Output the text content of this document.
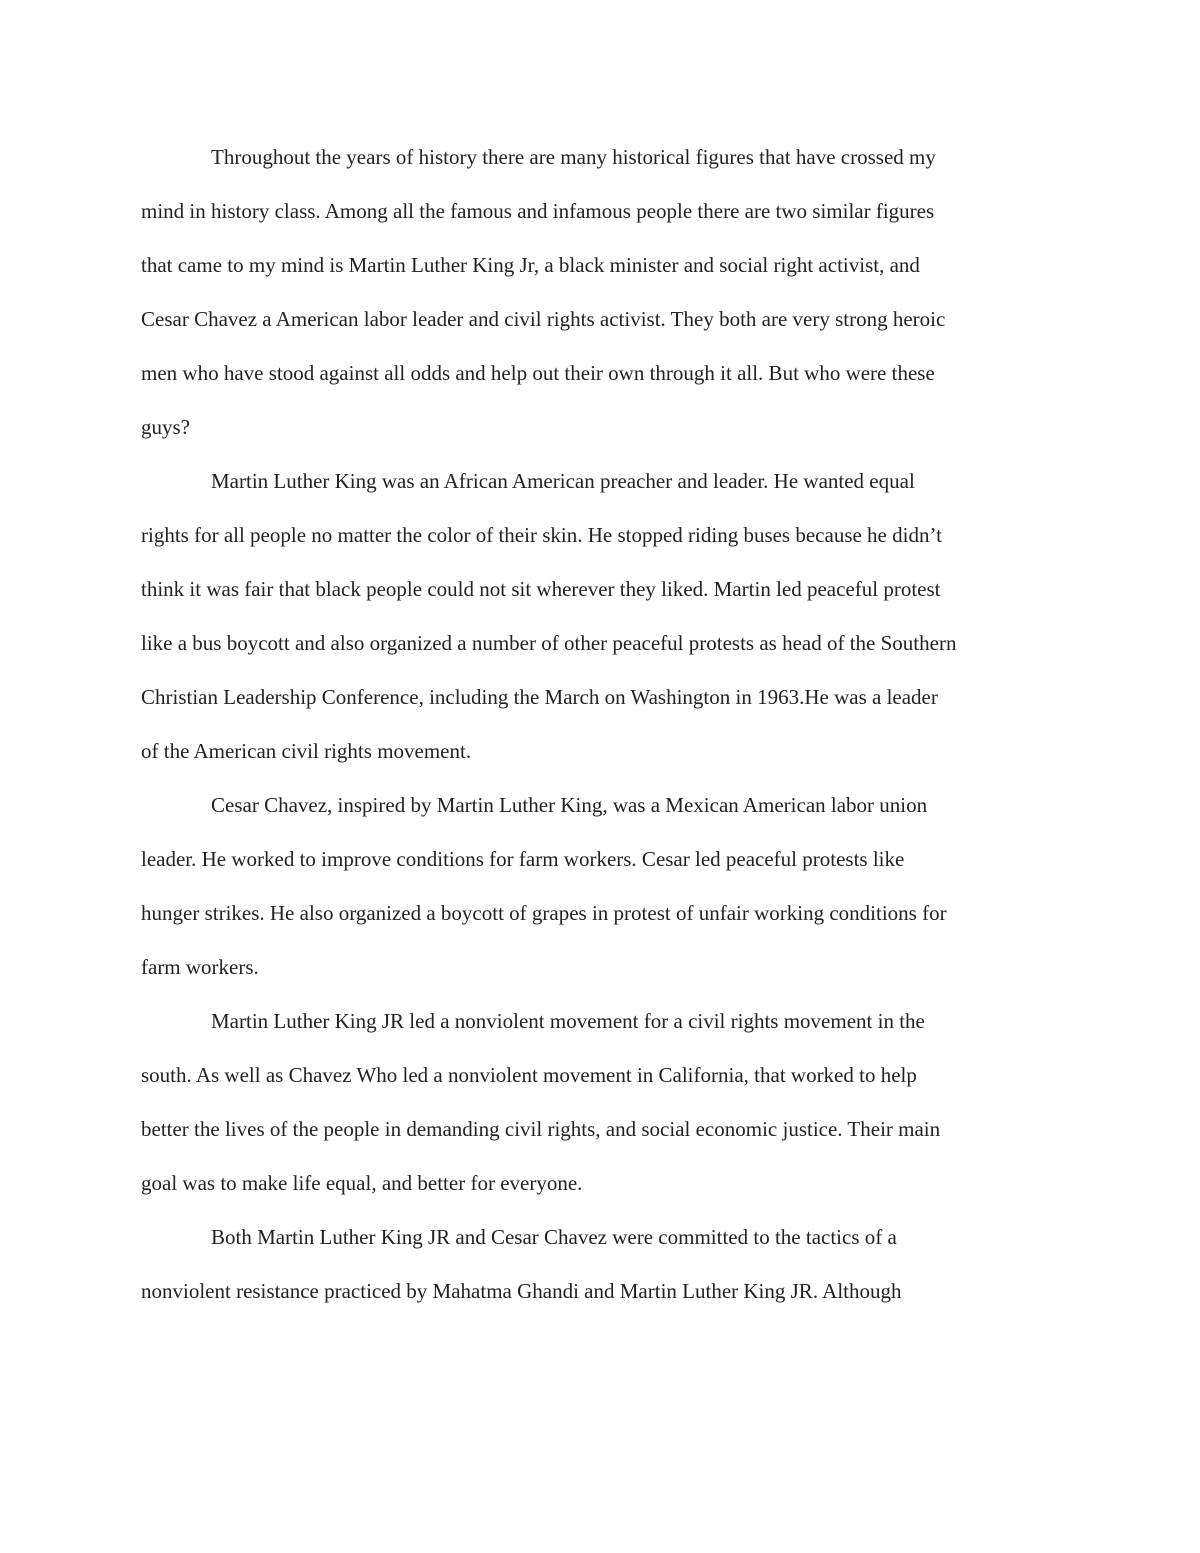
Throughout the years of history there are many historical figures that have crossed my
mind in history class. Among all the famous and infamous people there are two similar figures
that came to my mind is Martin Luther King Jr, a black minister and social right activist, and
Cesar Chavez a American labor leader and civil rights activist. They both are very strong heroic
men who have stood against all odds and help out their own through it all. But who were these
guys?

Martin Luther King was an African American preacher and leader. He wanted equal
rights for all people no matter the color of their skin. He stopped riding buses because he didn’t
think it was fair that black people could not sit wherever they liked. Martin led peaceful protest
like a bus boycott and also organized a number of other peaceful protests as head of the Southern
Christian Leadership Conference, including the March on Washington in 1963.He was a leader
of the American civil rights movement.

Cesar Chavez, inspired by Martin Luther King, was a Mexican American labor union
leader. He worked to improve conditions for farm workers. Cesar led peaceful protests like
hunger strikes. He also organized a boycott of grapes in protest of unfair working conditions for
farm workers.

Martin Luther King JR led a nonviolent movement for a civil rights movement in the
south. As well as Chavez Who led a nonviolent movement in California, that worked to help
better the lives of the people in demanding civil rights, and social economic justice. Their main
goal was to make life equal, and better for everyone.

Both Martin Luther King JR and Cesar Chavez were committed to the tactics of a
nonviolent resistance practiced by Mahatma Ghandi and Martin Luther King JR. Although
